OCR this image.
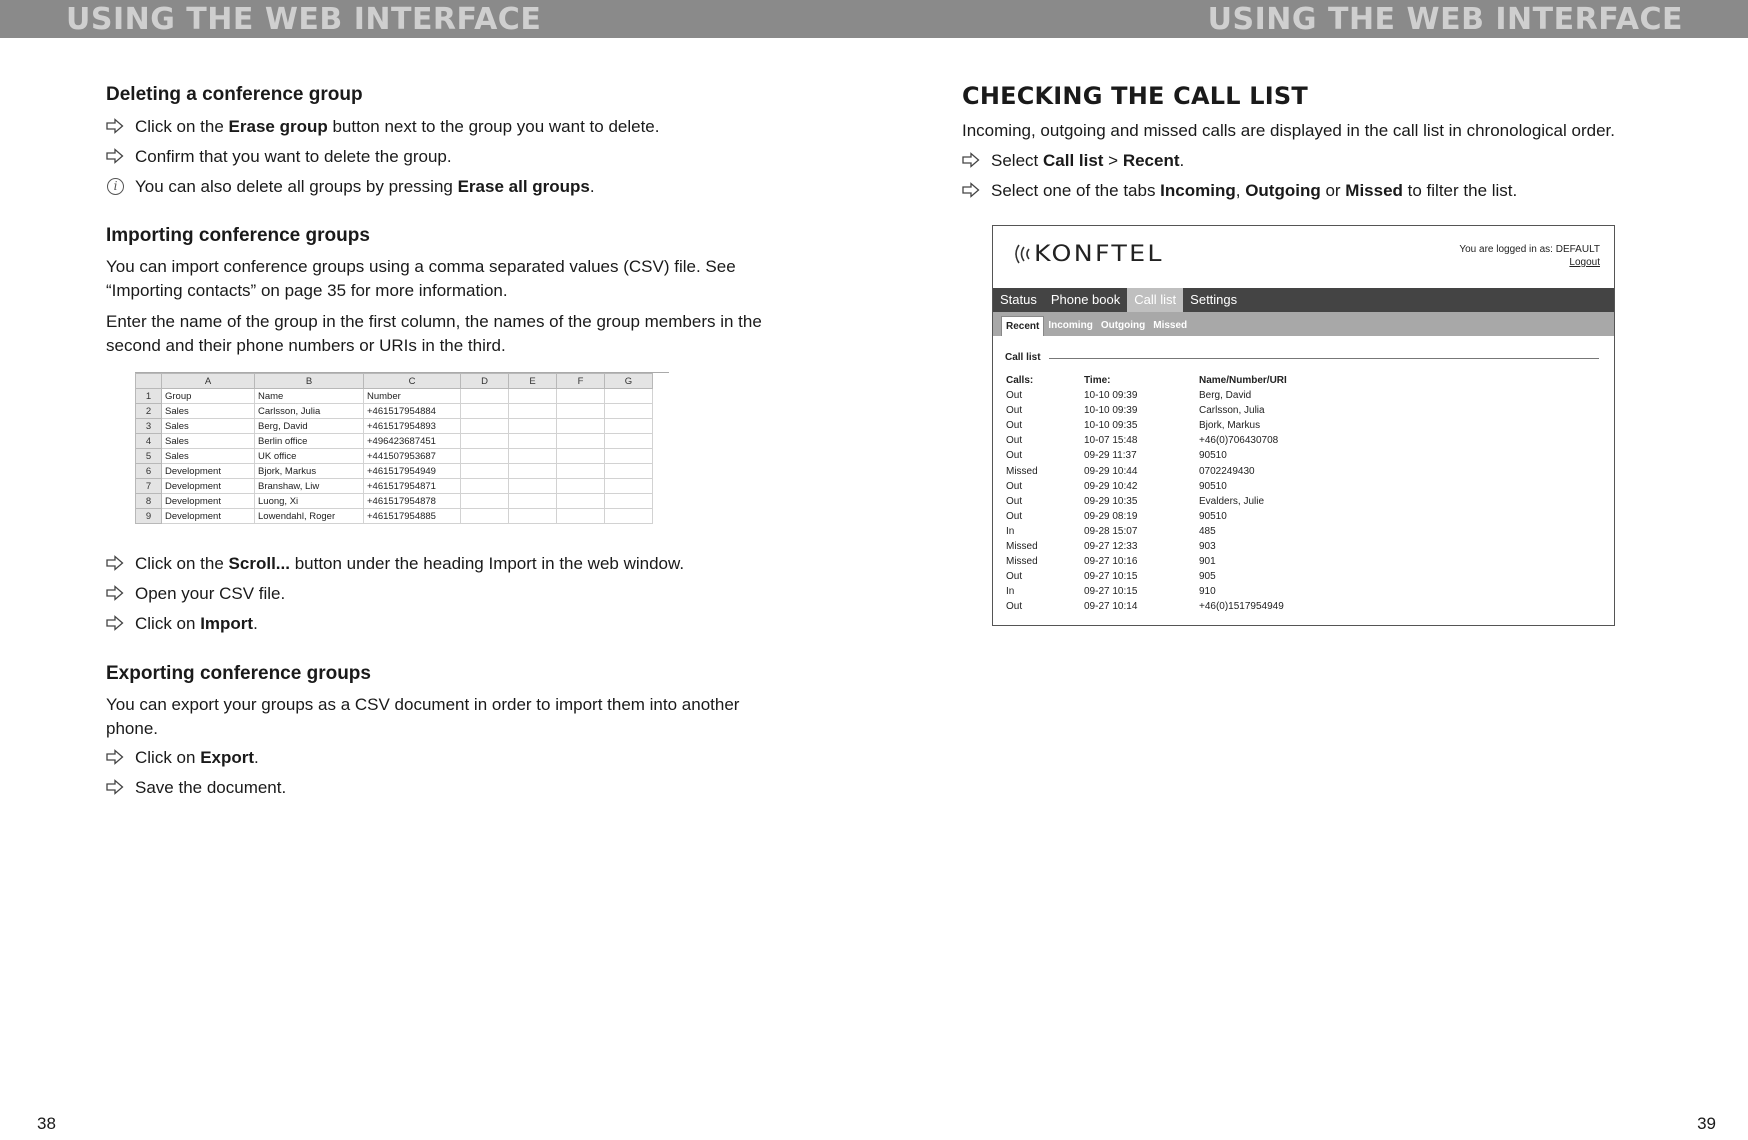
USING THE WEB INTERFACE	USING THE WEB INTERFACE
Deleting a conference group
Click on the Erase group button next to the group you want to delete.
Confirm that you want to delete the group.
i	You can also delete all groups by pressing Erase all groups.
Importing conference groups
You can import conference groups using a comma separated values (CSV) file. See “Importing contacts” on page 35 for more information.
Enter the name of the group in the first column, the names of the group members in the second and their phone numbers or URIs in the third.
	A	B	C	D	E	F	G
1	Group	Name	Number				
2	Sales	Carlsson, Julia	+461517954884				
3	Sales	Berg, David	+461517954893				
4	Sales	Berlin office	+496423687451				
5	Sales	UK office	+441507953687				
6	Development	Bjork, Markus	+461517954949				
7	Development	Branshaw, Liw	+461517954871				
8	Development	Luong, Xi	+461517954878				
9	Development	Lowendahl, Roger	+461517954885				
Click on the Scroll... button under the heading Import in the web window.
Open your CSV file.
Click on Import.
Exporting conference groups
You can export your groups as a CSV document in order to import them into another phone.
Click on Export.
Save the document.
38
CHECKING THE CALL LIST
Incoming, outgoing and missed calls are displayed in the call list in chronological order.
Select Call list > Recent.
Select one of the tabs Incoming, Outgoing or Missed to filter the list.
KONFTEL	You are logged in as: DEFAULT
Logout
Status	Phone book	Call list	Settings
Recent Incoming Outgoing Missed
Call list
Calls:	Time:	Name/Number/URI
Out	10-10 09:39	Berg, David
Out	10-10 09:39	Carlsson, Julia
Out	10-10 09:35	Bjork, Markus
Out	10-07 15:48	+46(0)706430708
Out	09-29 11:37	90510
Missed	09-29 10:44	0702249430
Out	09-29 10:42	90510
Out	09-29 10:35	Evalders, Julie
Out	09-29 08:19	90510
In	09-28 15:07	485
Missed	09-27 12:33	903
Missed	09-27 10:16	901
Out	09-27 10:15	905
In	09-27 10:15	910
Out	09-27 10:14	+46(0)1517954949
39
